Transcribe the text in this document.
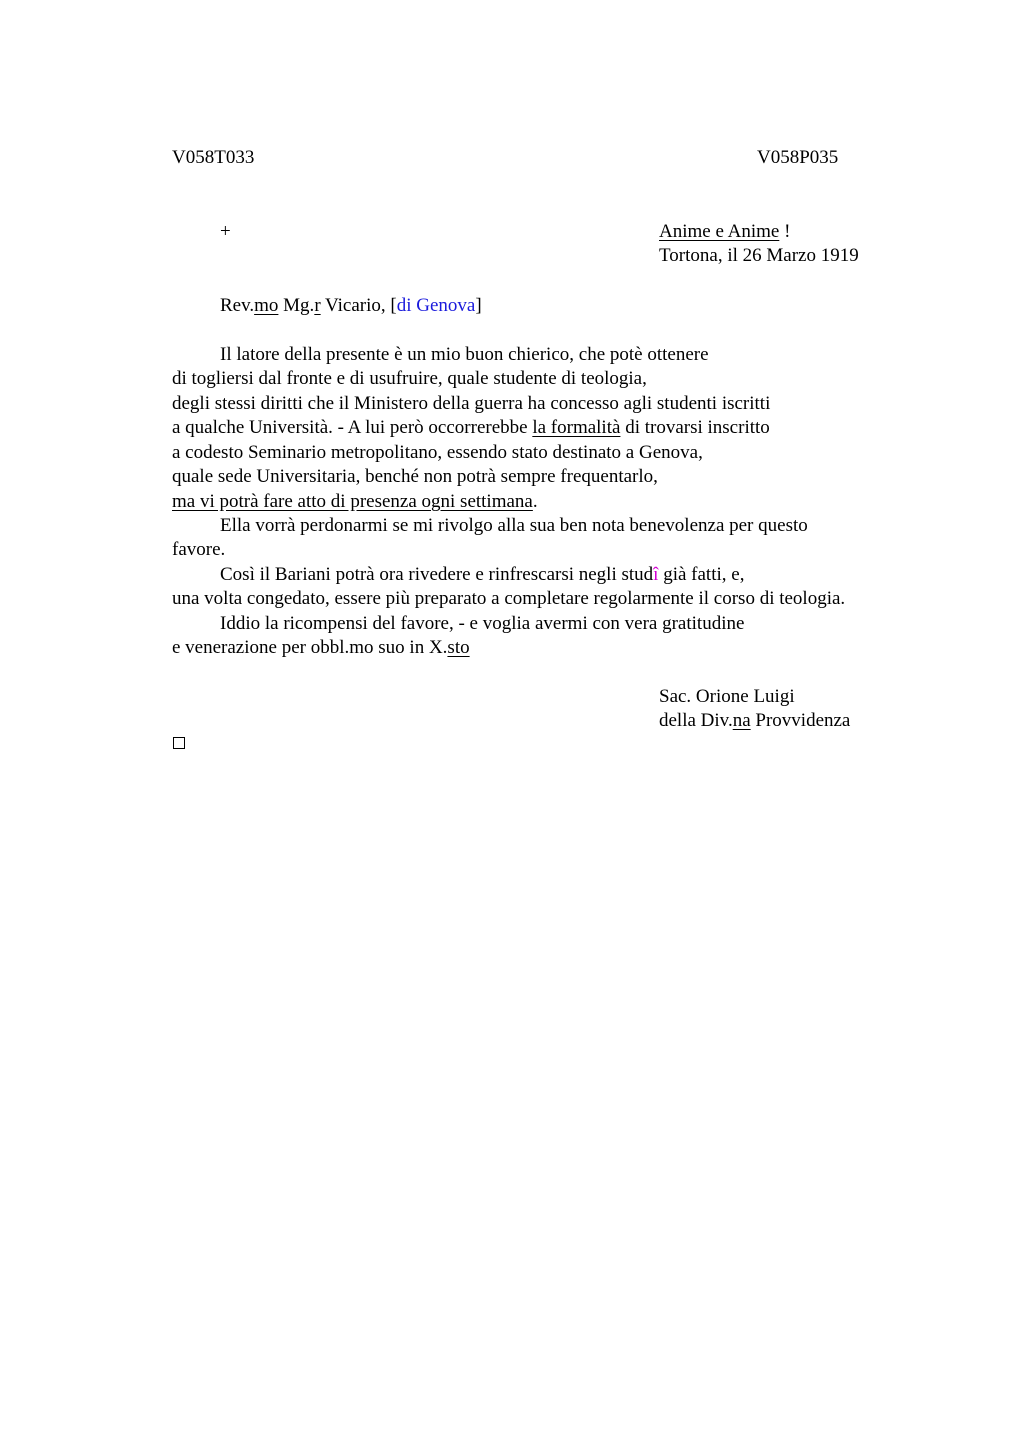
V058T033	V058P035
+	Anime e Anime !
Tortona, il 26 Marzo 1919
Rev.mo Mg.r Vicario, [di Genova]
Il latore della presente è un mio buon chierico, che potè ottenere
di togliersi dal fronte e di usufruire, quale studente di teologia,
degli stessi diritti che il Ministero della guerra ha concesso agli studenti iscritti
a qualche Università. - A lui però occorrerebbe la formalità di trovarsi inscritto
a codesto Seminario metropolitano, essendo stato destinato a Genova,
quale sede Universitaria, benché non potrà sempre frequentarlo,
ma vi potrà fare atto di presenza ogni settimana.
Ella vorrà perdonarmi se mi rivolgo alla sua ben nota benevolenza per questo
favore.
Così il Bariani potrà ora rivedere e rinfrescarsi negli studî già fatti, e,
una volta congedato, essere più preparato a completare regolarmente il corso di teologia.
Iddio la ricompensi del favore, - e voglia avermi con vera gratitudine
e venerazione per obbl.mo suo in X.sto
Sac. Orione Luigi
della Div.na Provvidenza
